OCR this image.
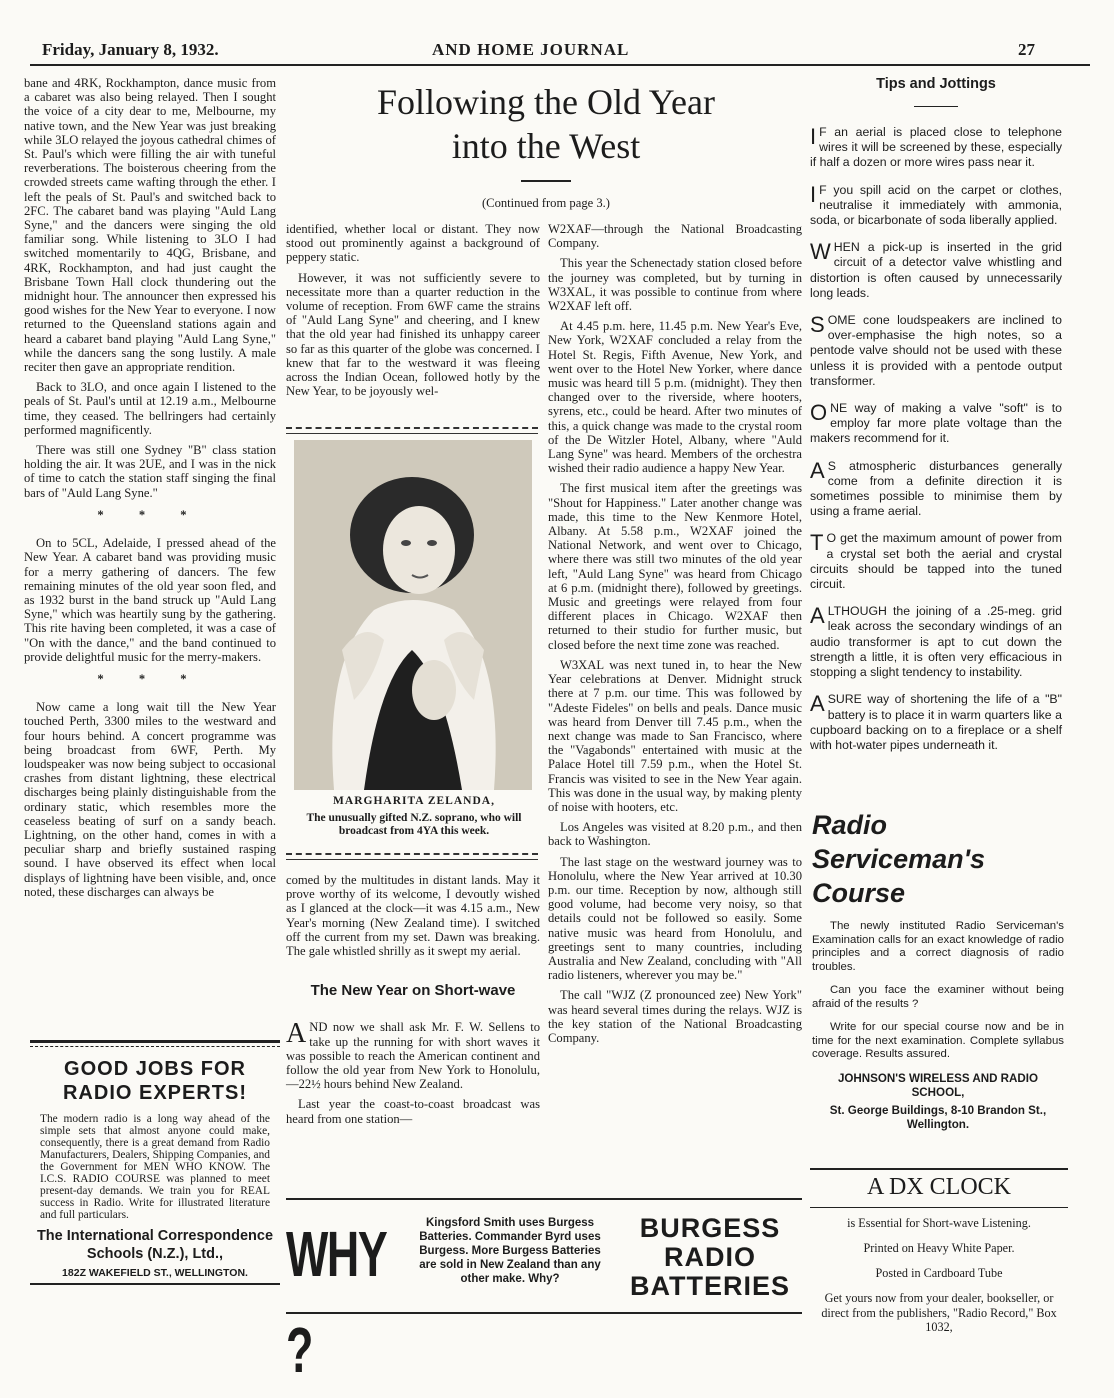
Friday, January 8, 1932.	AND HOME JOURNAL	27

bane and 4RK, Rockhampton, dance music from a cabaret was also being relayed. Then I sought the voice of a city dear to me, Melbourne, my native town, and the New Year was just breaking while 3LO relayed the joyous cathedral chimes of St. Paul's which were filling the air with tuneful reverberations. The boisterous cheering from the crowded streets came wafting through the ether. I left the peals of St. Paul's and switched back to 2FC. The cabaret band was playing "Auld Lang Syne," and the dancers were singing the old familiar song. While listening to 3LO I had switched momentarily to 4QG, Brisbane, and 4RK, Rockhampton, and had just caught the Brisbane Town Hall clock thundering out the midnight hour. The announcer then expressed his good wishes for the New Year to everyone. I now returned to the Queensland stations again and heard a cabaret band playing "Auld Lang Syne," while the dancers sang the song lustily. A male reciter then gave an appropriate rendition.

Back to 3LO, and once again I listened to the peals of St. Paul's until at 12.19 a.m., Melbourne time, they ceased. The bellringers had certainly performed magnificently.

There was still one Sydney "B" class station holding the air. It was 2UE, and I was in the nick of time to catch the station staff singing the final bars of "Auld Lang Syne."

* * *

On to 5CL, Adelaide, I pressed ahead of the New Year. A cabaret band was providing music for a merry gathering of dancers. The few remaining minutes of the old year soon fled, and as 1932 burst in the band struck up "Auld Lang Syne," which was heartily sung by the gathering. This rite having been completed, it was a case of "On with the dance," and the band continued to provide delightful music for the merry-makers.

* * *

Now came a long wait till the New Year touched Perth, 3300 miles to the westward and four hours behind. A concert programme was being broadcast from 6WF, Perth. My loudspeaker was now being subject to occasional crashes from distant lightning, these electrical discharges being plainly distinguishable from the ordinary static, which resembles more the ceaseless beating of surf on a sandy beach. Lightning, on the other hand, comes in with a peculiar sharp and briefly sustained rasping sound. I have observed its effect when local displays of lightning have been visible, and, once noted, these discharges can always be

GOOD JOBS FOR
RADIO EXPERTS!
The modern radio is a long way ahead of the simple sets that almost anyone could make, consequently, there is a great demand from Radio Manufacturers, Dealers, Shipping Companies, and the Government for MEN WHO KNOW. The I.C.S. RADIO COURSE was planned to meet present-day demands. We train you for REAL success in Radio. Write for illustrated literature and full particulars.
The International Correspondence
Schools (N.Z.), Ltd.,
182Z WAKEFIELD ST., WELLINGTON.
Following the Old Year
into the West
(Continued from page 3.)

identified, whether local or distant. They now stood out prominently against a background of peppery static.

However, it was not sufficiently severe to necessitate more than a quarter reduction in the volume of reception. From 6WF came the strains of "Auld Lang Syne" and cheering, and I knew that the old year had finished its unhappy career so far as this quarter of the globe was concerned. I knew that far to the westward it was fleeing across the Indian Ocean, followed hotly by the New Year, to be joyously wel-

MARGHARITA ZELANDA,
The unusually gifted N.Z. soprano, who will broadcast from 4YA this week.

comed by the multitudes in distant lands. May it prove worthy of its welcome, I devoutly wished as I glanced at the clock—it was 4.15 a.m., New Year's morning (New Zealand time). I switched off the current from my set. Dawn was breaking. The gale whistled shrilly as it swept my aerial.

The New Year on Short-wave

AND now we shall ask Mr. F. W. Sellens to take up the running for with short waves it was possible to reach the American continent and follow the old year from New York to Honolulu,—22½ hours behind New Zealand.

Last year the coast-to-coast broadcast was heard from one station—

W2XAF—through the National Broadcasting Company.

This year the Schenectady station closed before the journey was completed, but by turning in W3XAL, it was possible to continue from where W2XAF left off.

At 4.45 p.m. here, 11.45 p.m. New Year's Eve, New York, W2XAF concluded a relay from the Hotel St. Regis, Fifth Avenue, New York, and went over to the Hotel New Yorker, where dance music was heard till 5 p.m. (midnight). They then changed over to the riverside, where hooters, syrens, etc., could be heard. After two minutes of this, a quick change was made to the crystal room of the De Witzler Hotel, Albany, where "Auld Lang Syne" was heard. Members of the orchestra wished their radio audience a happy New Year.

The first musical item after the greetings was "Shout for Happiness." Later another change was made, this time to the New Kenmore Hotel, Albany. At 5.58 p.m., W2XAF joined the National Network, and went over to Chicago, where there was still two minutes of the old year left, "Auld Lang Syne" was heard from Chicago at 6 p.m. (midnight there), followed by greetings. Music and greetings were relayed from four different places in Chicago. W2XAF then returned to their studio for further music, but closed before the next time zone was reached.

W3XAL was next tuned in, to hear the New Year celebrations at Denver. Midnight struck there at 7 p.m. our time. This was followed by "Adeste Fideles" on bells and peals. Dance music was heard from Denver till 7.45 p.m., when the next change was made to San Francisco, where the "Vagabonds" entertained with music at the Palace Hotel till 7.59 p.m., when the Hotel St. Francis was visited to see in the New Year again. This was done in the usual way, by making plenty of noise with hooters, etc.

Los Angeles was visited at 8.20 p.m., and then back to Washington.

The last stage on the westward journey was to Honolulu, where the New Year arrived at 10.30 p.m. our time. Reception by now, although still good volume, had become very noisy, so that details could not be followed so easily. Some native music was heard from Honolulu, and greetings sent to many countries, including Australia and New Zealand, concluding with "All radio listeners, wherever you may be."

The call "WJZ (Z pronounced zee) New York" was heard several times during the relays. WJZ is the key station of the National Broadcasting Company.

WHY ?
Kingsford Smith uses Burgess Batteries. Commander Byrd uses Burgess. More Burgess Batteries are sold in New Zealand than any other make. Why?
BURGESS
RADIO
BATTERIES
Tips and Jottings

I F an aerial is placed close to telephone wires it will be screened by these, especially if half a dozen or more wires pass near it.

I F you spill acid on the carpet or clothes, neutralise it immediately with ammonia, soda, or bicarbonate of soda liberally applied.

WHEN a pick-up is inserted in the grid circuit of a detector valve whistling and distortion is often caused by unnecessarily long leads.

SOME cone loudspeakers are inclined to over-emphasise the high notes, so a pentode valve should not be used with these unless it is provided with a pentode output transformer.

ONE way of making a valve "soft" is to employ far more plate voltage than the makers recommend for it.

A S atmospheric disturbances generally come from a definite direction it is sometimes possible to minimise them by using a frame aerial.

T O get the maximum amount of power from a crystal set both the aerial and crystal circuits should be tapped into the tuned circuit.

ALTHOUGH the joining of a .25-meg. grid leak across the secondary windings of an audio transformer is apt to cut down the strength a little, it is often very efficacious in stopping a slight tendency to instability.

A SURE way of shortening the life of a "B" battery is to place it in warm quarters like a cupboard backing on to a fireplace or a shelf with hot-water pipes underneath it.

Radio
Serviceman's
Course

The newly instituted Radio Serviceman's Examination calls for an exact knowledge of radio principles and a correct diagnosis of radio troubles.

Can you face the examiner without being afraid of the results ?

Write for our special course now and be in time for the next examination. Complete syllabus coverage. Results assured.

JOHNSON'S WIRELESS AND RADIO SCHOOL,
St. George Buildings, 8-10 Brandon St., Wellington.
A DX CLOCK
is Essential for Short-wave Listening.
Printed on Heavy White Paper.
Posted in Cardboard Tube
Get yours now from your dealer, bookseller, or direct from the publishers, "Radio Record," Box 1032,
